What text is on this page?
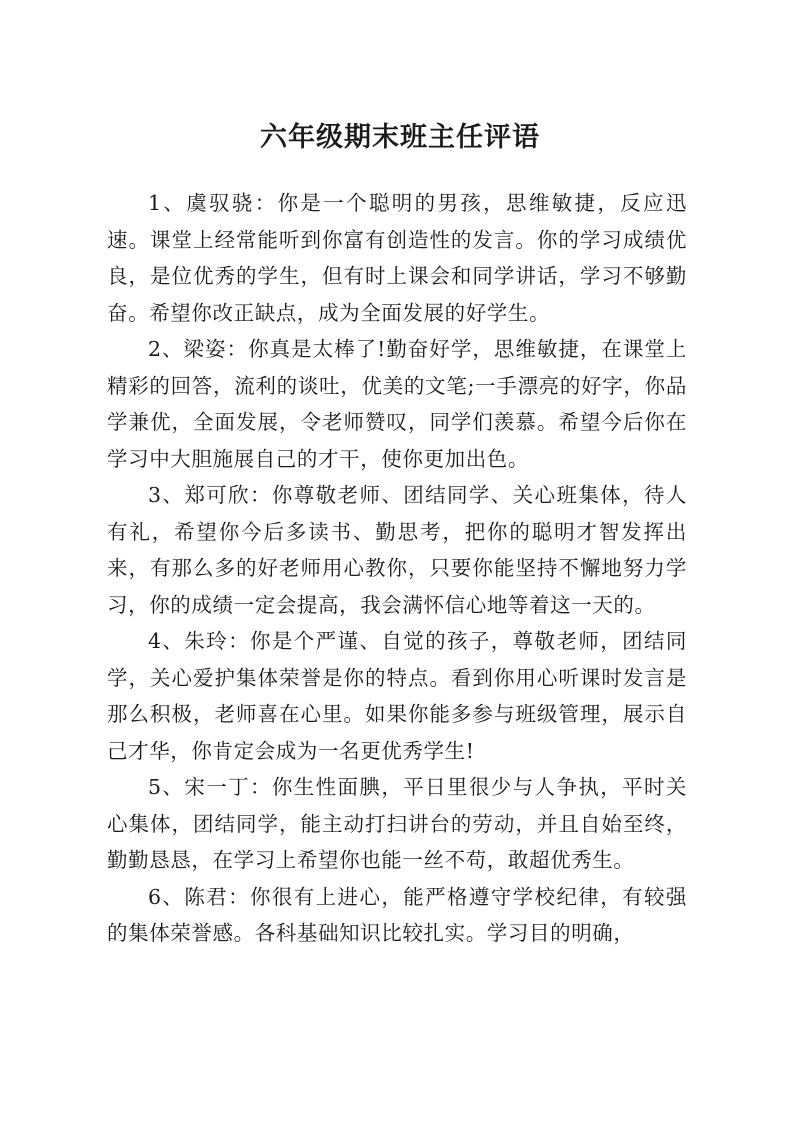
六年级期末班主任评语

1、虞驭骁：你是一个聪明的男孩，思维敏捷，反应迅速。课堂上经常能听到你富有创造性的发言。你的学习成绩优良，是位优秀的学生，但有时上课会和同学讲话，学习不够勤奋。希望你改正缺点，成为全面发展的好学生。

2、梁姿：你真是太棒了!勤奋好学，思维敏捷，在课堂上精彩的回答，流利的谈吐，优美的文笔;一手漂亮的好字，你品学兼优，全面发展，令老师赞叹，同学们羡慕。希望今后你在学习中大胆施展自己的才干，使你更加出色。

3、郑可欣：你尊敬老师、团结同学、关心班集体，待人有礼，希望你今后多读书、勤思考，把你的聪明才智发挥出来，有那么多的好老师用心教你，只要你能坚持不懈地努力学习，你的成绩一定会提高，我会满怀信心地等着这一天的。

4、朱玲：你是个严谨、自觉的孩子，尊敬老师，团结同学，关心爱护集体荣誉是你的特点。看到你用心听课时发言是那么积极，老师喜在心里。如果你能多参与班级管理，展示自己才华，你肯定会成为一名更优秀学生!

5、宋一丁：你生性面腆，平日里很少与人争执，平时关心集体，团结同学，能主动打扫讲台的劳动，并且自始至终，勤勤恳恳，在学习上希望你也能一丝不苟，敢超优秀生。

6、陈君：你很有上进心，能严格遵守学校纪律，有较强的集体荣誉感。各科基础知识比较扎实。学习目的明确，
